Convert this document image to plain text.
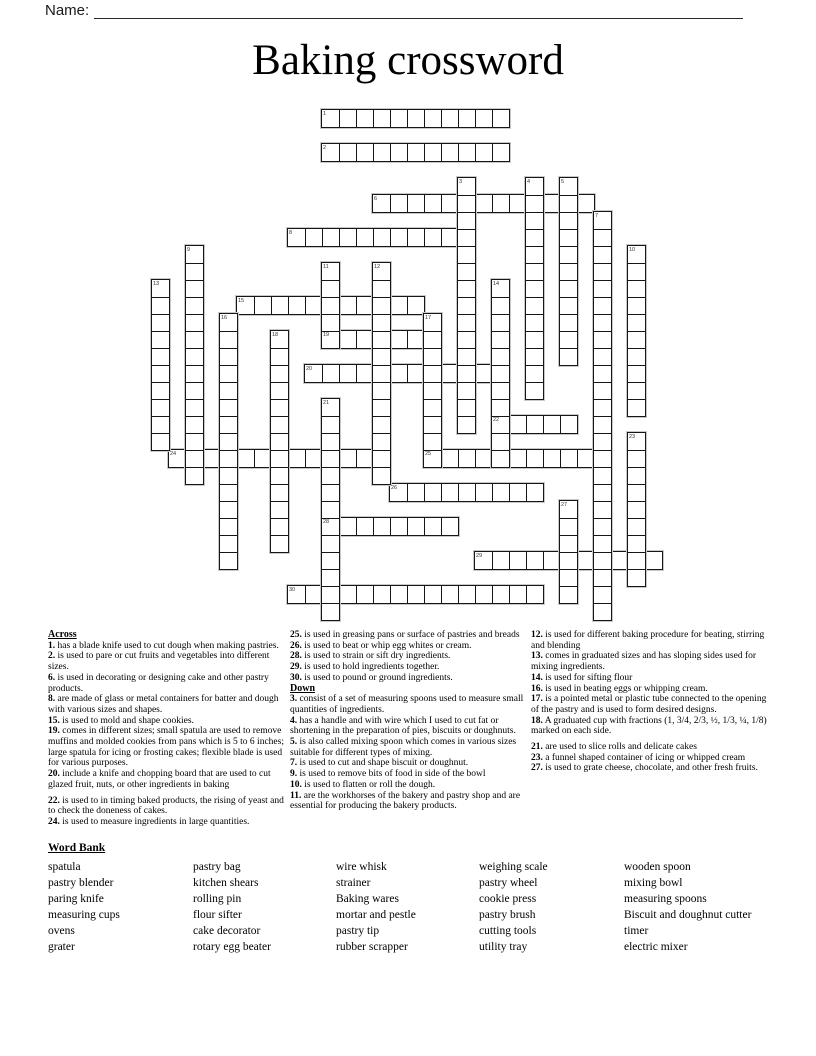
Name:
Baking crossword
1
2
6
8
15
19
20
22
24	25
26
28
29
30
3	4	5
7
9	10
11	12
13	14
16	17
18
21
23
27

Across

1. has a blade knife used to cut dough when making pastries.

2. is used to pare or cut fruits and vegetables into different sizes.

6. is used in decorating or designing cake and other pastry products.

8. are made of glass or metal containers for batter and dough with various sizes and shapes.

15. is used to mold and shape cookies.

19. comes in different sizes; small spatula are used to remove muffins and molded cookies from pans which is 5 to 6 inches; large spatula for icing or frosting cakes; flexible blade is used for various purposes.

20. include a knife and chopping board that are used to cut glazed fruit, nuts, or other ingredients in baking

22. is used to in timing baked products, the rising of yeast and to check the doneness of cakes.

24. is used to measure ingredients in large quantities.

25. is used in greasing pans or surface of pastries and breads

26. is used to beat or whip egg whites or cream.

28. is used to strain or sift dry ingredients.

29. is used to hold ingredients together.

30. is used to pound or ground ingredients.

Down

3. consist of a set of measuring spoons used to measure small quantities of ingredients.

4. has a handle and with wire which I used to cut fat or shortening in the preparation of pies, biscuits or doughnuts.

5. is also called mixing spoon which comes in various sizes suitable for different types of mixing.

7. is used to cut and shape biscuit or doughnut.

9. is used to remove bits of food in side of the bowl

10. is used to flatten or roll the dough.

11. are the workhorses of the bakery and pastry shop and are essential for producing the bakery products.

12. is used for different baking procedure for beating, stirring and blending

13. comes in graduated sizes and has sloping sides used for mixing ingredients.

14. is used for sifting flour

16. is used in beating eggs or whipping cream.

17. is a pointed metal or plastic tube connected to the opening of the pastry and is used to form desired designs.

18. A graduated cup with fractions (1, 3/4, 2/3, ½, 1/3, ¼, 1/8) marked on each side.

21. are used to slice rolls and delicate cakes

23. a funnel shaped container of icing or whipped cream

27. is used to grate cheese, chocolate, and other fresh fruits.

Word Bank
spatula
pastry blender
paring knife
measuring cups
ovens
grater
pastry bag
kitchen shears
rolling pin
flour sifter
cake decorator
rotary egg beater
wire whisk
strainer
Baking wares
mortar and pestle
pastry tip
rubber scrapper
weighing scale
pastry wheel
cookie press
pastry brush
cutting tools
utility tray
wooden spoon
mixing bowl
measuring spoons
Biscuit and doughnut cutter
timer
electric mixer
